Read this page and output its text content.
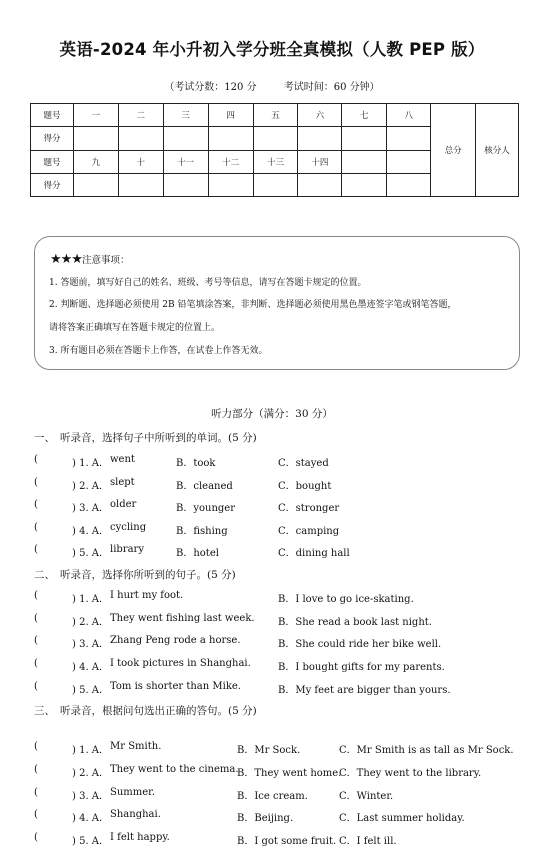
英语-2024 年小升初入学分班全真模拟（人教 PEP 版）
（考试分数：120 分	考试时间：60 分钟）
题号	一	二	三	四	五	六	七	八	总分	核分人
得分										
题号	九	十	十一	十二	十三	十四				
得分										
★★★注意事项：
1. 答题前，填写好自己的姓名、班级、考号等信息，请写在答题卡规定的位置。
2. 判断题、选择题必须使用 2B 铅笔填涂答案，非判断、选择题必须使用黑色墨迹签字笔或钢笔答题，
请将答案正确填写在答题卡规定的位置上。
3. 所有题目必须在答题卡上作答，在试卷上作答无效。
听力部分（满分：30 分）
一、 听录音，选择句子中所听到的单词。(5 分)
(	) 1. A． went	B．took	C．stayed
(	) 2. A． slept	B．cleaned	C．bought
(	) 3. A． older	B．younger	C．stronger
(	) 4. A． cycling	B．fishing	C．camping
(	) 5. A． library	B．hotel	C．dining hall
二、 听录音，选择你所听到的句子。(5 分)
(	) 1. A． I hurt my foot.	B．I love to go ice-skating.
(	) 2. A． They went fishing last week. B．She read a book last night.
(	) 3. A． Zhang Peng rode a horse.	B．She could ride her bike well.
(	) 4. A． I took pictures in Shanghai.	B．I bought gifts for my parents.
(	) 5. A． Tom is shorter than Mike.	B．My feet are bigger than yours.
三、 听录音，根据问句选出正确的答句。(5 分)
(	) 1. A． Mr Smith.	B．Mr Sock.	C．Mr Smith is as tall as Mr Sock.
(	) 2. A． They went to the cinema.
B．They went home.
C．They went to the library.
(	) 3. A． Summer.	B．Ice cream.	C．Winter.
(	) 4. A． Shanghai.	B．Beijing.	C．Last summer holiday.
(	) 5. A． I felt happy.	B．I got some fruit. C．I felt ill.
